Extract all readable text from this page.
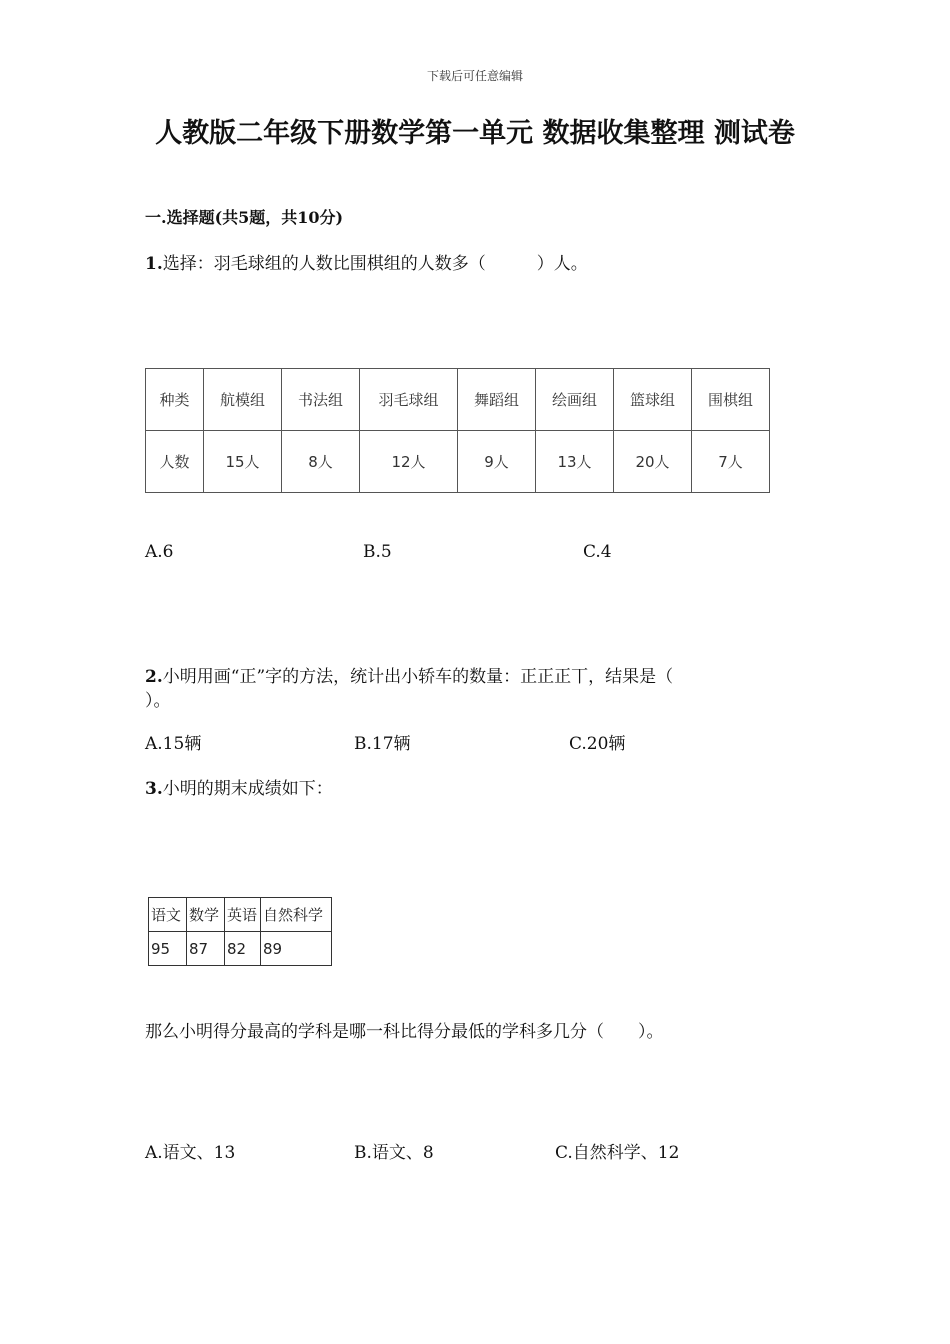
下载后可任意编辑
人教版二年级下册数学第一单元 数据收集整理 测试卷
一.选择题(共5题，共10分)
1.选择：羽毛球组的人数比围棋组的人数多（　　　）人。
种类	航模组	书法组	羽毛球组	舞蹈组	绘画组	篮球组	围棋组
人数	15人	8人	12人	9人	13人	20人	7人
A.6	B.5	C.4
2.小明用画“正”字的方法，统计出小轿车的数量：正正正丅，结果是（
）。
A.15辆	B.17辆	C.20辆
3.小明的期末成绩如下：
语文	数学	英语	自然科学
95	87	82	89
那么小明得分最高的学科是哪一科比得分最低的学科多几分（　　）。
A.语文、13	B.语文、8	C.自然科学、12
